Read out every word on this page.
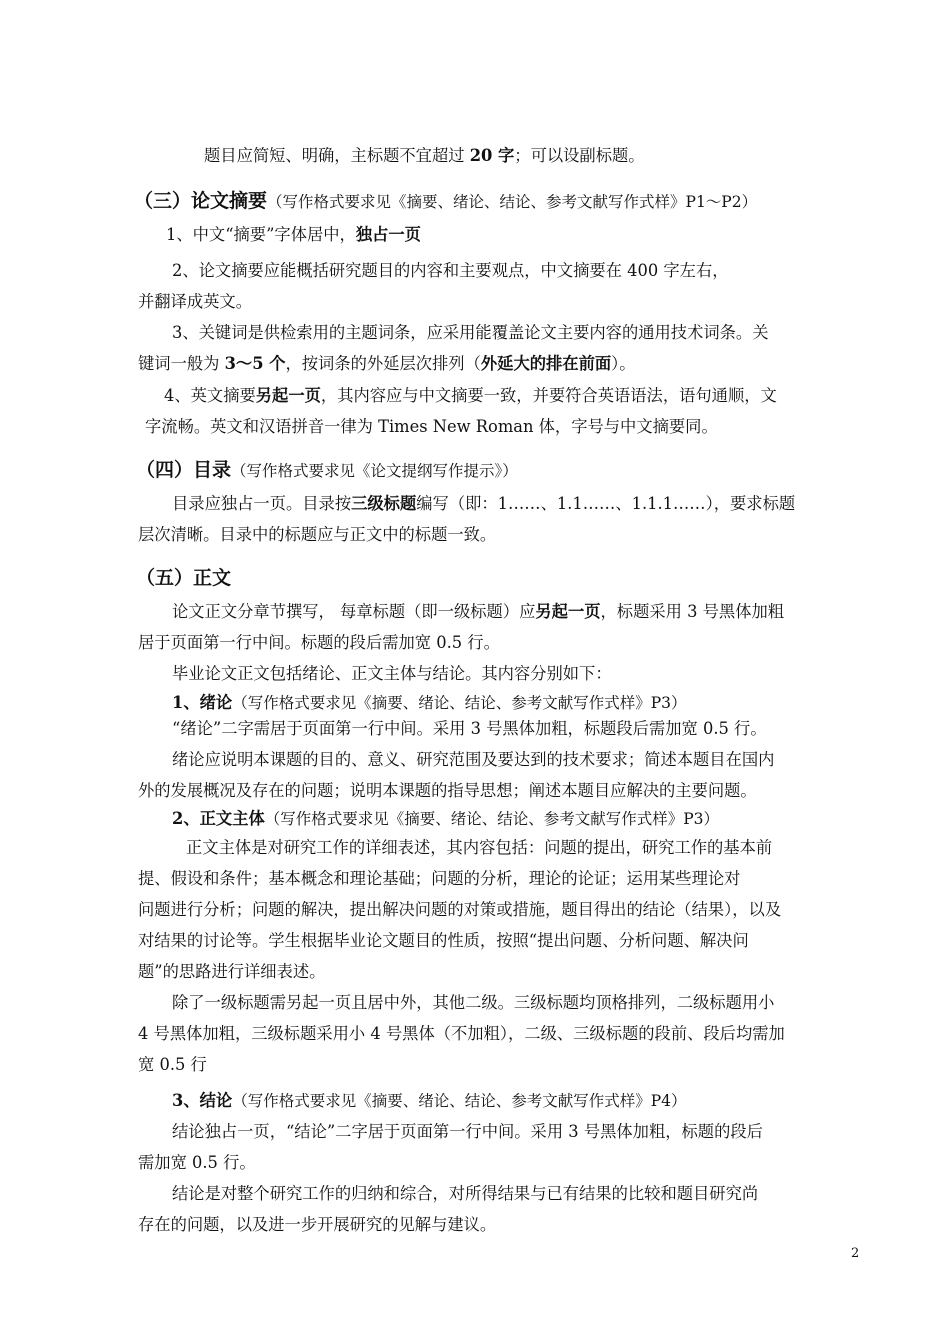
题目应简短、明确，主标题不宜超过 20 字；可以设副标题。
（三）论文摘要（写作格式要求见《摘要、绪论、结论、参考文献写作式样》P1～P2）
1、中文“摘要”字体居中，独占一页
2、论文摘要应能概括研究题目的内容和主要观点，中文摘要在 400 字左右，
并翻译成英文。
3、关键词是供检索用的主题词条，应采用能覆盖论文主要内容的通用技术词条。关
键词一般为 3～5 个，按词条的外延层次排列（外延大的排在前面）。
4、英文摘要另起一页，其内容应与中文摘要一致，并要符合英语语法，语句通顺，文
字流畅。英文和汉语拼音一律为 Times New Roman 体，字号与中文摘要同。
（四）目录（写作格式要求见《论文提纲写作提示》）
目录应独占一页。目录按三级标题编写（即：1……、1.1……、1.1.1……），要求标题
层次清晰。目录中的标题应与正文中的标题一致。
（五）正文
论文正文分章节撰写， 每章标题（即一级标题）应另起一页，标题采用 3 号黑体加粗
居于页面第一行中间。标题的段后需加宽 0.5 行。
毕业论文正文包括绪论、正文主体与结论。其内容分别如下：
1、绪论（写作格式要求见《摘要、绪论、结论、参考文献写作式样》P3）
“绪论”二字需居于页面第一行中间。采用 3 号黑体加粗，标题段后需加宽 0.5 行。
绪论应说明本课题的目的、意义、研究范围及要达到的技术要求；简述本题目在国内
外的发展概况及存在的问题；说明本课题的指导思想；阐述本题目应解决的主要问题。
2、正文主体（写作格式要求见《摘要、绪论、结论、参考文献写作式样》P3）
正文主体是对研究工作的详细表述，其内容包括：问题的提出，研究工作的基本前
提、假设和条件；基本概念和理论基础；问题的分析，理论的论证；运用某些理论对
问题进行分析；问题的解决，提出解决问题的对策或措施，题目得出的结论（结果），以及
对结果的讨论等。学生根据毕业论文题目的性质，按照“提出问题、分析问题、解决问
题”的思路进行详细表述。
除了一级标题需另起一页且居中外，其他二级。三级标题均顶格排列，二级标题用小
4 号黑体加粗，三级标题采用小 4 号黑体（不加粗），二级、三级标题的段前、段后均需加
宽 0.5 行
3、结论（写作格式要求见《摘要、绪论、结论、参考文献写作式样》P4）
结论独占一页，“结论”二字居于页面第一行中间。采用 3 号黑体加粗，标题的段后
需加宽 0.5 行。
结论是对整个研究工作的归纳和综合，对所得结果与已有结果的比较和题目研究尚
存在的问题，以及进一步开展研究的见解与建议。
2
